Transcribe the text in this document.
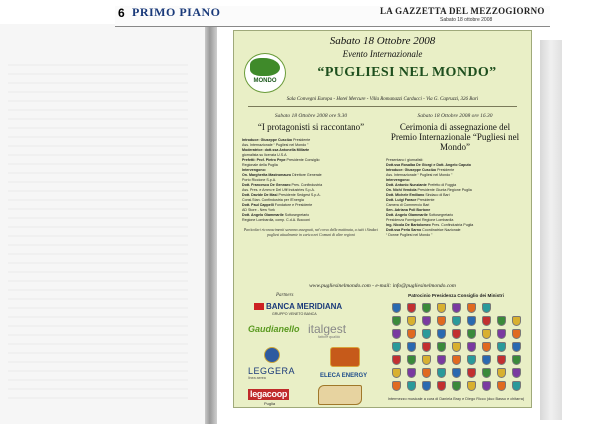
6 PRIMO PIANO	LA GAZZETTA DEL MEZZOGIORNO
Sabato 18 ottobre 2008
Sabato 18 Ottobre 2008
Evento Internazionale
MONDO
“PUGLIESI NEL MONDO”
Sala Convegni Europa - Hotel Mercure - Villa Romanazzi Carducci - Via G. Capruzzi, 326 Bari
Sabato 18 Ottobre 2008 ore 9.30
“I protagonisti si raccontano”
Introduce: Giuseppe Cusciùo Presidente
Ass. Internazionale “ Pugliesi nel Mondo ”
Moderatrice: dott.ssa Antonella Millarte
giornalista su licenzia U.S.A
Prefetti: Prof. Pietro Pepe Presidente Consiglio
Regionale della Puglia
Intervengono:
On. Margherita Mastromauro Direttore Generale
Porto Riccione S.p.A.
Dott. Francesco De Gennaro Pres. Confindustria
Ass. Pres. e Amm.re Del Ufif Industries S.p.A.
Dott. Davide De Masi Presidente Sedgest S.p.A.
Consi.Stan. Confindustria per l'Energia
Dott. Paul Cappelli Fondatore e Presidente
AD Store - New York
Dott. Angelo Giammarile Sottosegretario
Regione Lombardia, comp. C.d.A. Bocconi
Particolari riconoscimenti saranno assegnati, nel corso della mattinata, a tutti i Sindaci pugliesi attualmente in carica nei Comuni di altre regioni
Sabato 18 Ottobre 2008 ore 16.30
Cerimonia di assegnazione del Premio Internazionale “Pugliesi nel Mondo”
Presentano i giornalisti:
Dott.ssa Rosalba De Giorgi e Dott. Angelo Caputo
Introduce: Giuseppe Cusciùo Presidente
Ass. Internazionale “ Pugliesi nel Mondo ”
Intervengono:
Dott. Antonio Nunziante Prefetto di Foggia
On. Nichi Vendola Presidente Giunta Regione Puglia
Dott. Michele Emiliano Sindaco di Bari
Dott. Luigi Farace Presidente
Camera di Commercio Bari
Sen. Adriana Poli Bortone
Dott. Angelo Giammarile Sottosegretario
Presidenza Formigoni Regione Lombardia
Ing. Nicola De Bartolomeo Pres. Confindustria Puglia
Dott.ssa Perla Sarno Coordinatrice Nazionale
“ Donne Pugliesi nel Mondo ”
www.pugliesinelmondo.com - e-mail: info@pugliesinelmondo.com
Partners	Patrocinio Presidenza Consiglio dei Ministri
BANCA MERIDIANA
GRUPPO VENETO BANCA
Gaudianello italgest
fattore qualità
LEGGERA
linea aerea	ELECA ENERGY
legacoop
Puglia
Intermezzo musicale a cura di Daniela Bray e Diego Ricco (duo Basso e chitarra)
